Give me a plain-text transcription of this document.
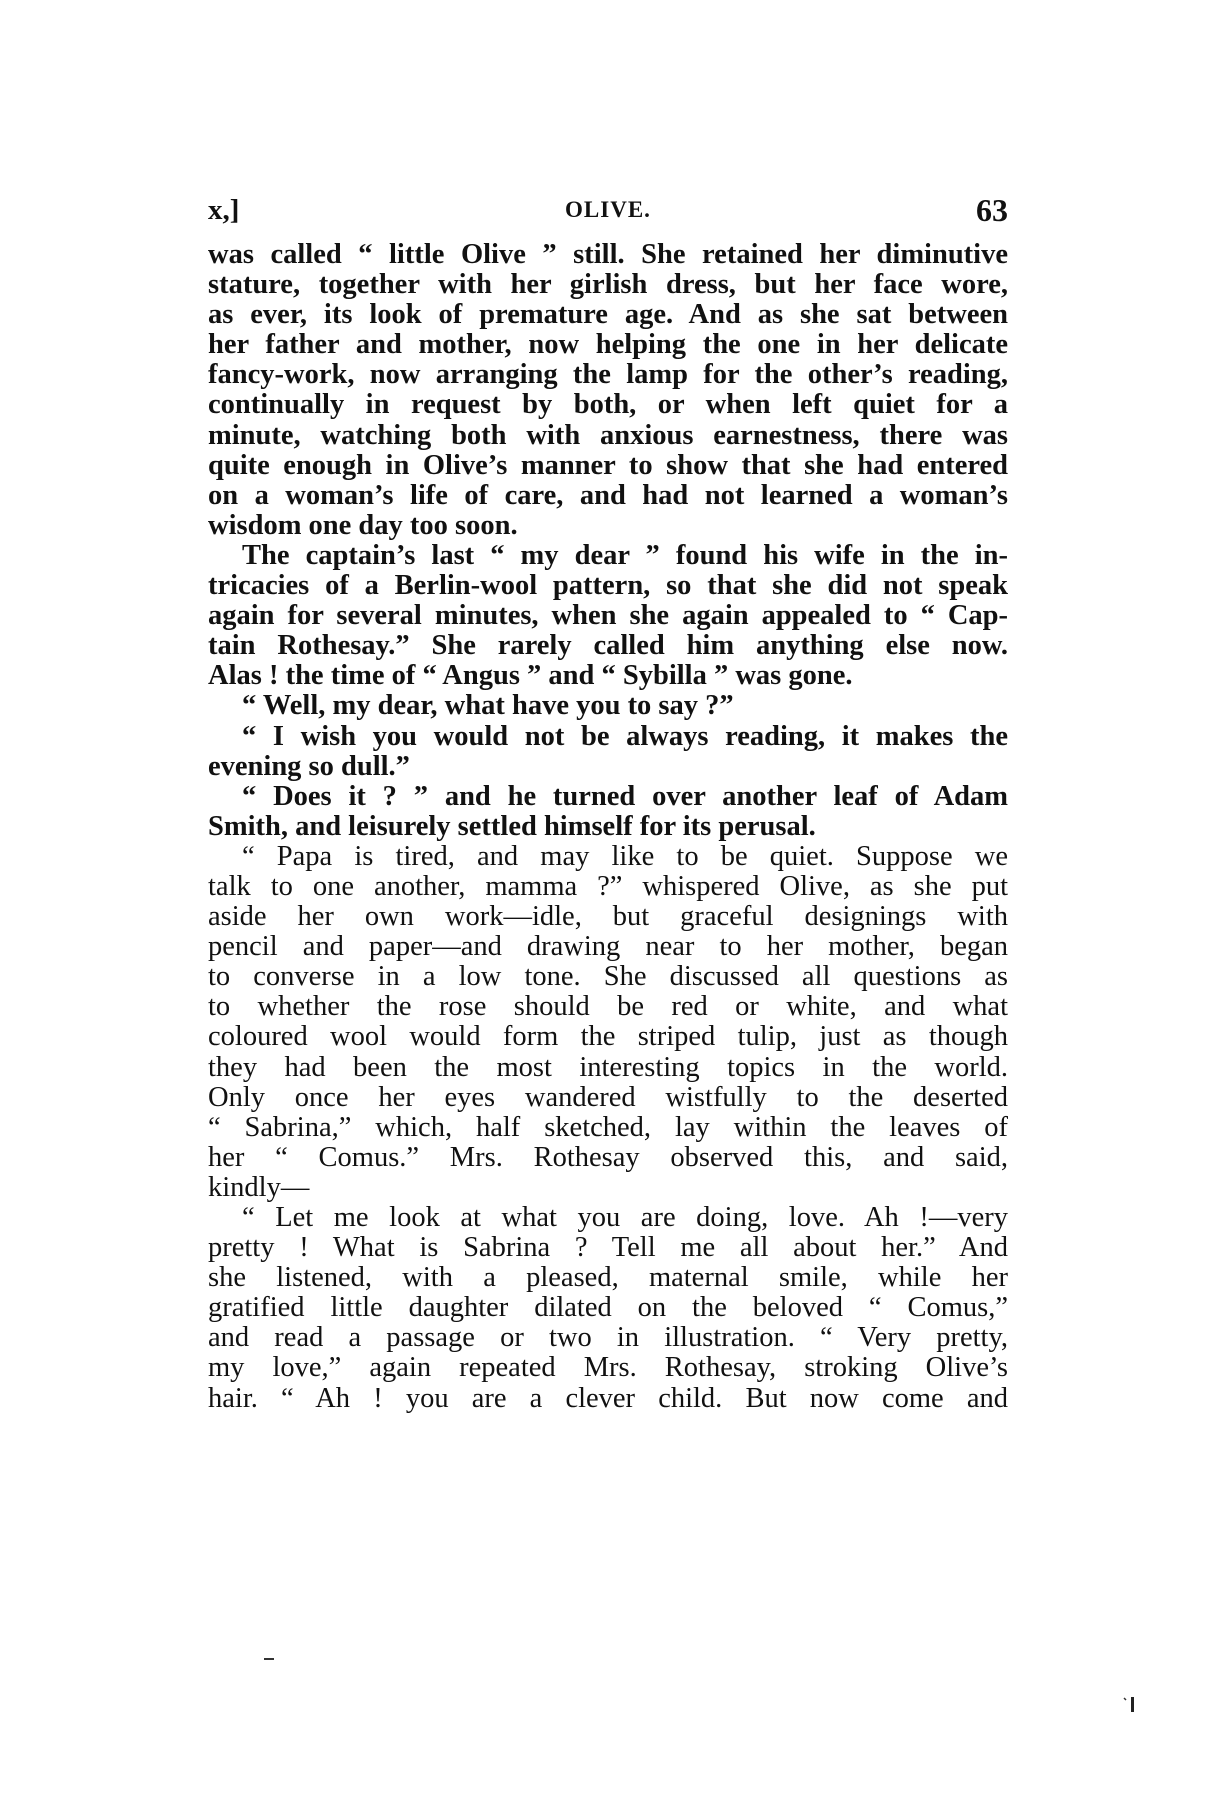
x,]	OLIVE.	63
was called “ little Olive ” still. She retained her diminutive
stature, together with her girlish dress, but her face wore,
as ever, its look of premature age. And as she sat between
her father and mother, now helping the one in her delicate
fancy-work, now arranging the lamp for the other’s reading,
continually in request by both, or when left quiet for a
minute, watching both with anxious earnestness, there was
quite enough in Olive’s manner to show that she had entered
on a woman’s life of care, and had not learned a woman’s
wisdom one day too soon.
The captain’s last “ my dear ” found his wife in the in-
tricacies of a Berlin-wool pattern, so that she did not speak
again for several minutes, when she again appealed to “ Cap-
tain Rothesay.” She rarely called him anything else now.
Alas ! the time of “ Angus ” and “ Sybilla ” was gone.
“ Well, my dear, what have you to say ?”
“ I wish you would not be always reading, it makes the
evening so dull.”
“ Does it ? ” and he turned over another leaf of Adam
Smith, and leisurely settled himself for its perusal.
“ Papa is tired, and may like to be quiet. Suppose we
talk to one another, mamma ?” whispered Olive, as she put
aside her own work—idle, but graceful designings with
pencil and paper—and drawing near to her mother, began
to converse in a low tone. She discussed all questions as
to whether the rose should be red or white, and what
coloured wool would form the striped tulip, just as though
they had been the most interesting topics in the world.
Only once her eyes wandered wistfully to the deserted
“ Sabrina,” which, half sketched, lay within the leaves of
her “ Comus.” Mrs. Rothesay observed this, and said,
kindly—
“ Let me look at what you are doing, love. Ah !—very
pretty ! What is Sabrina ? Tell me all about her.” And
she listened, with a pleased, maternal smile, while her
gratified little daughter dilated on the beloved “ Comus,”
and read a passage or two in illustration. “ Very pretty,
my love,” again repeated Mrs. Rothesay, stroking Olive’s
hair. “ Ah ! you are a clever child. But now come and
